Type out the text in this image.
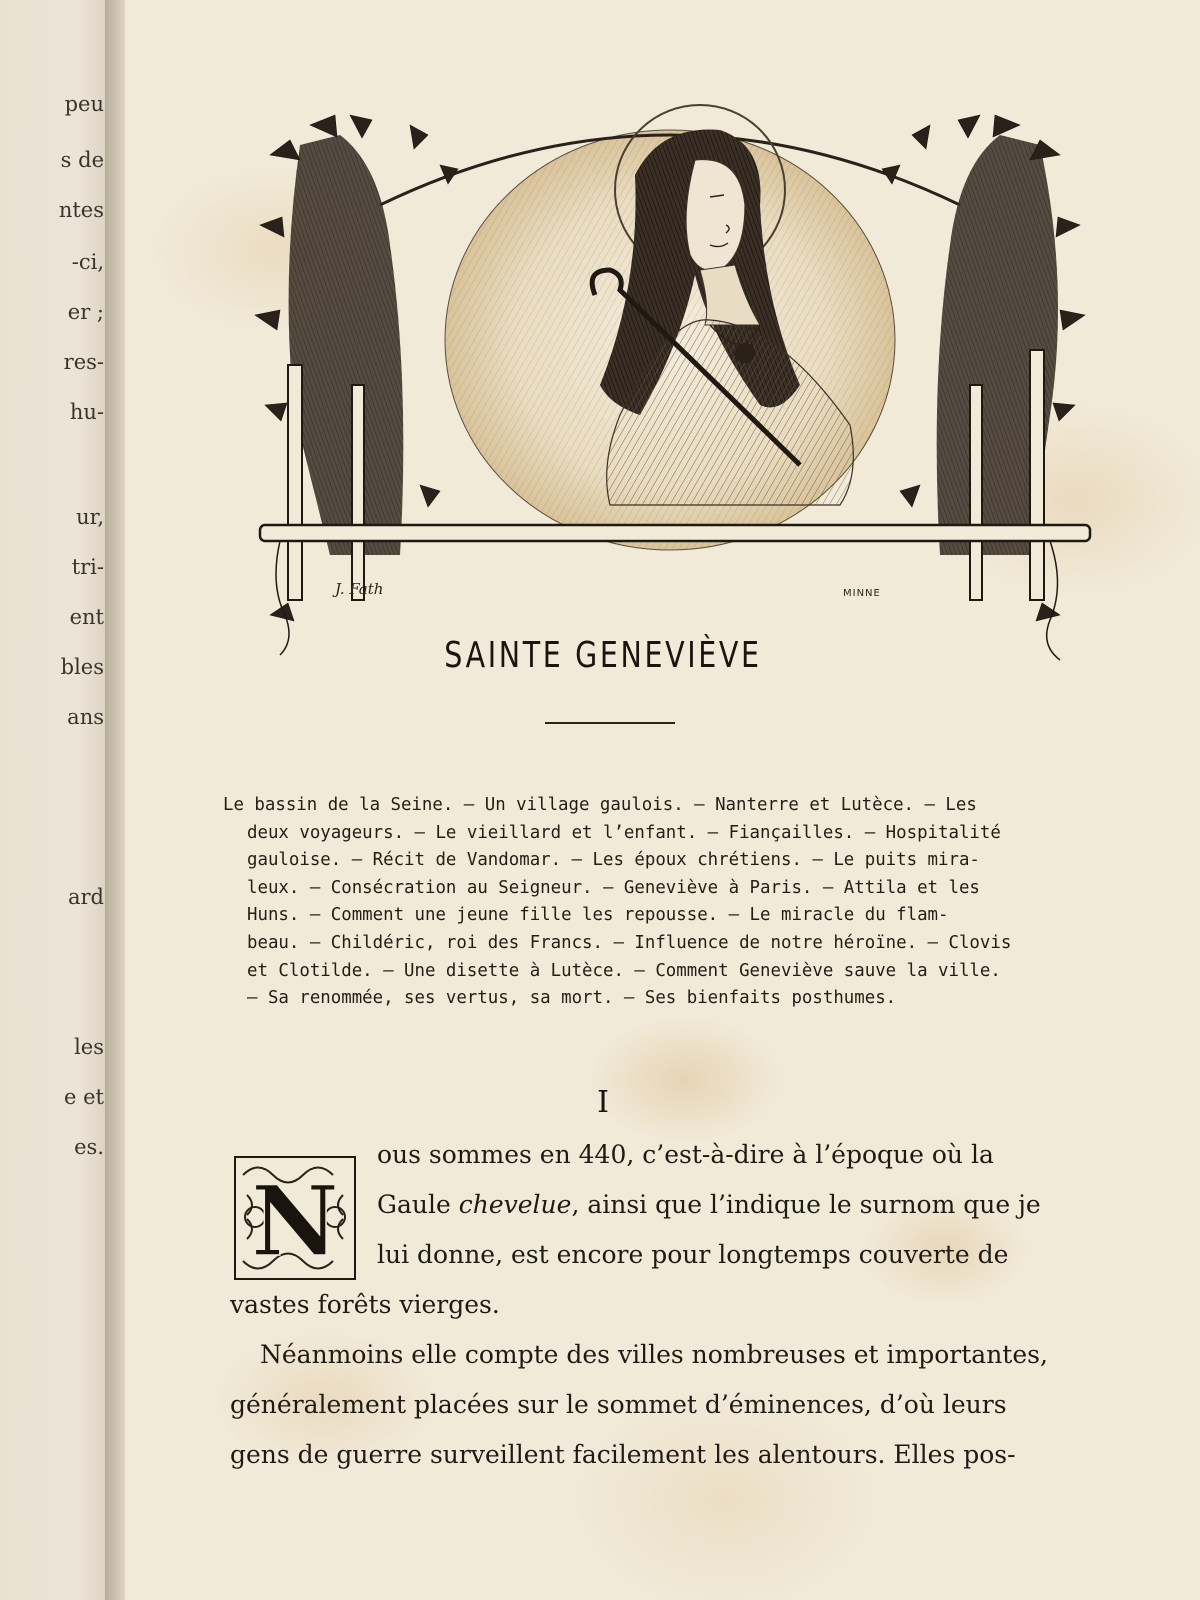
peu
s de
ntes
-ci,
er ;
res-
hu-
ur,
tri-
ent
bles
ans
ard
les
e et
es.
J. Fath	MINNE
SAINTE GENEVIÈVE
Le bassin de la Seine. — Un village gaulois. — Nanterre et Lutèce. — Les
deux voyageurs. — Le vieillard et l’enfant. — Fiançailles. — Hospitalité
gauloise. — Récit de Vandomar. — Les époux chrétiens. — Le puits mira-
leux. — Consécration au Seigneur. — Geneviève à Paris. — Attila et les
Huns. — Comment une jeune fille les repousse. — Le miracle du flam-
beau. — Childéric, roi des Francs. — Influence de notre héroïne. — Clovis
et Clotilde. — Une disette à Lutèce. — Comment Geneviève sauve la ville.
— Sa renommée, ses vertus, sa mort. — Ses bienfaits posthumes.
I
N
ous sommes en 440, c’est-à-dire à l’époque où la
Gaule chevelue, ainsi que l’indique le surnom que je
lui donne, est encore pour longtemps couverte de
vastes forêts vierges.
Néanmoins elle compte des villes nombreuses et importantes,
généralement placées sur le sommet d’éminences, d’où leurs
gens de guerre surveillent facilement les alentours. Elles pos-
